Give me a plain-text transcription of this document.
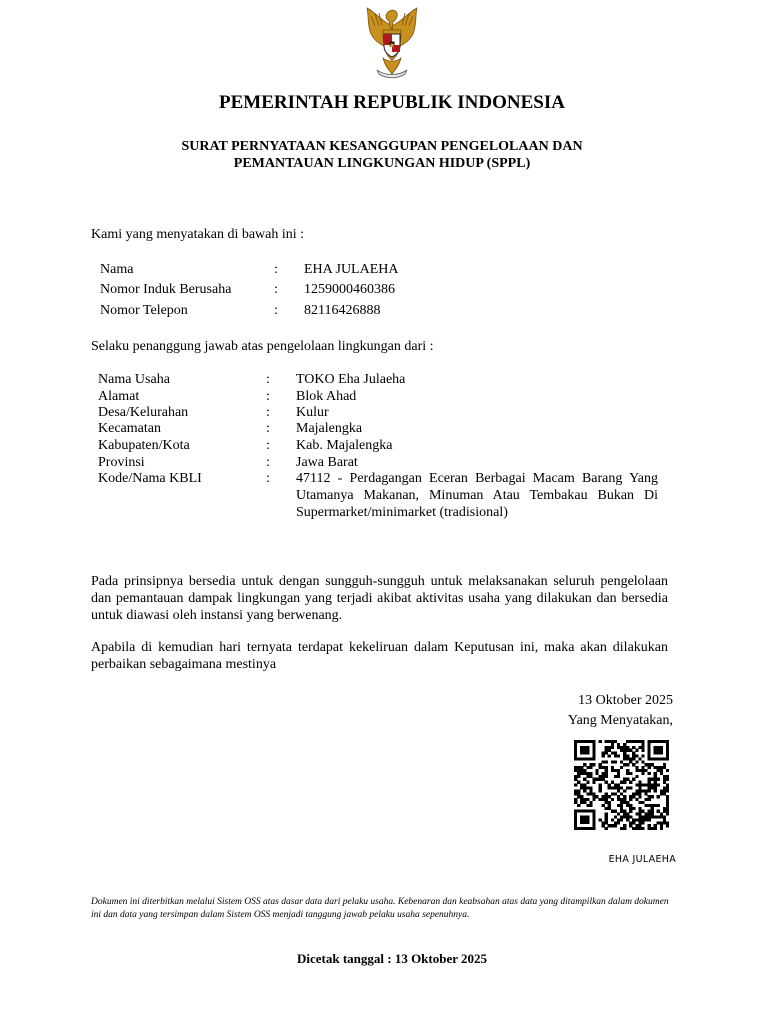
PEMERINTAH REPUBLIK INDONESIA
SURAT PERNYATAAN KESANGGUPAN PENGELOLAAN DAN
PEMANTAUAN LINGKUNGAN HIDUP (SPPL)
Kami yang menyatakan di bawah ini :
Nama	: EHA JULAEHA
Nomor Induk Berusaha	: 1259000460386
Nomor Telepon	: 82116426888
Selaku penanggung jawab atas pengelolaan lingkungan dari :
Nama Usaha	: TOKO Eha Julaeha
Alamat	: Blok Ahad
Desa/Kelurahan	: Kulur
Kecamatan	: Majalengka
Kabupaten/Kota	: Kab. Majalengka
Provinsi	: Jawa Barat
Kode/Nama KBLI	: 47112 - Perdagangan Eceran Berbagai Macam Barang Yang Utamanya Makanan, Minuman Atau Tembakau Bukan Di Supermarket/minimarket (tradisional)
Pada prinsipnya bersedia untuk dengan sungguh-sungguh untuk melaksanakan seluruh pengelolaan dan pemantauan dampak lingkungan yang terjadi akibat aktivitas usaha yang dilakukan dan bersedia untuk diawasi oleh instansi yang berwenang.
Apabila di kemudian hari ternyata terdapat kekeliruan dalam Keputusan ini, maka akan dilakukan perbaikan sebagaimana mestinya
13 Oktober 2025
Yang Menyatakan,
EHA JULAEHA
Dokumen ini diterbitkan melalui Sistem OSS atas dasar data dari pelaku usaha. Kebenaran dan keabsahan atas data yang ditampilkan dalam dokumen ini dan data yang tersimpan dalam Sistem OSS menjadi tanggung jawab pelaku usaha sepenuhnya.
Dicetak tanggal : 13 Oktober 2025
